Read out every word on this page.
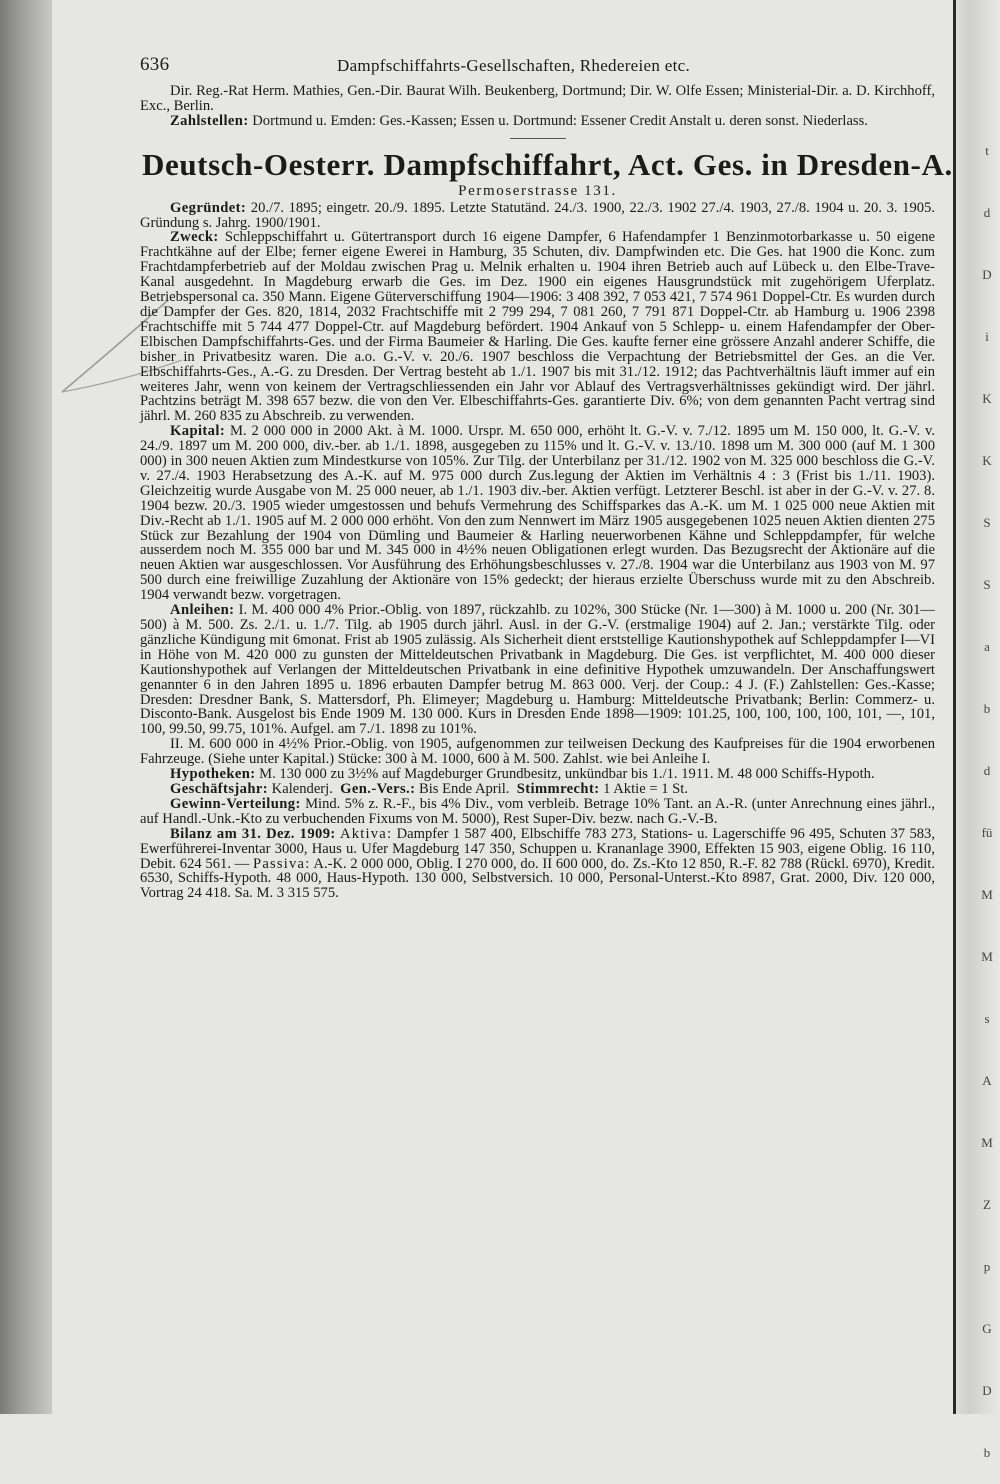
t
d
D
i
K
K
S
S
a
b
d
fü
M
M
s
A
M
Z
p
G
D
b
636	Dampfschiffahrts-Gesellschaften, Rhedereien etc.

Dir. Reg.-Rat Herm. Mathies, Gen.-Dir. Baurat Wilh. Beukenberg, Dortmund; Dir. W. Olfe Essen; Ministerial-Dir. a. D. Kirchhoff, Exc., Berlin.

Zahlstellen: Dortmund u. Emden: Ges.-Kassen; Essen u. Dortmund: Essener Credit Anstalt u. deren sonst. Niederlass.

Deutsch-Oesterr. Dampfschiffahrt, Act. Ges. in Dresden-A.
Permoserstrasse 131.

Gegründet: 20./7. 1895; eingetr. 20./9. 1895. Letzte Statutänd. 24./3. 1900, 22./3. 1902 27./4. 1903, 27./8. 1904 u. 20. 3. 1905. Gründung s. Jahrg. 1900/1901.

Zweck: Schleppschiffahrt u. Gütertransport durch 16 eigene Dampfer, 6 Hafendampfer 1 Benzinmotorbarkasse u. 50 eigene Frachtkähne auf der Elbe; ferner eigene Ewerei in Hamburg, 35 Schuten, div. Dampfwinden etc. Die Ges. hat 1900 die Konc. zum Frachtdampferbetrieb auf der Moldau zwischen Prag u. Melnik erhalten u. 1904 ihren Betrieb auch auf Lübeck u. den Elbe-Trave-Kanal ausgedehnt. In Magdeburg erwarb die Ges. im Dez. 1900 ein eigenes Hausgrundstück mit zugehörigem Uferplatz. Betriebspersonal ca. 350 Mann. Eigene Güterverschiffung 1904—1906: 3 408 392, 7 053 421, 7 574 961 Doppel-Ctr. Es wurden durch die Dampfer der Ges. 820, 1814, 2032 Frachtschiffe mit 2 799 294, 7 081 260, 7 791 871 Doppel-Ctr. ab Hamburg u. 1906 2398 Frachtschiffe mit 5 744 477 Doppel-Ctr. auf Magdeburg befördert. 1904 Ankauf von 5 Schlepp- u. einem Hafendampfer der Ober-Elbischen Dampfschiffahrts-Ges. und der Firma Baumeier & Harling. Die Ges. kaufte ferner eine grössere Anzahl anderer Schiffe, die bisher in Privatbesitz waren. Die a.o. G.-V. v. 20./6. 1907 beschloss die Verpachtung der Betriebsmittel der Ges. an die Ver. Elbschiffahrts-Ges., A.-G. zu Dresden. Der Vertrag besteht ab 1./1. 1907 bis mit 31./12. 1912; das Pachtverhältnis läuft immer auf ein weiteres Jahr, wenn von keinem der Vertragschliessenden ein Jahr vor Ablauf des Vertragsverhältnisses gekündigt wird. Der jährl. Pachtzins beträgt M. 398 657 bezw. die von den Ver. Elbeschiffahrts-Ges. garantierte Div. 6%; von dem genannten Pacht vertrag sind jährl. M. 260 835 zu Abschreib. zu verwenden.

Kapital: M. 2 000 000 in 2000 Akt. à M. 1000. Urspr. M. 650 000, erhöht lt. G.-V. v. 7./12. 1895 um M. 150 000, lt. G.-V. v. 24./9. 1897 um M. 200 000, div.-ber. ab 1./1. 1898, ausgegeben zu 115% und lt. G.-V. v. 13./10. 1898 um M. 300 000 (auf M. 1 300 000) in 300 neuen Aktien zum Mindestkurse von 105%. Zur Tilg. der Unterbilanz per 31./12. 1902 von M. 325 000 beschloss die G.-V. v. 27./4. 1903 Herabsetzung des A.-K. auf M. 975 000 durch Zus.legung der Aktien im Verhältnis 4 : 3 (Frist bis 1./11. 1903). Gleichzeitig wurde Ausgabe von M. 25 000 neuer, ab 1./1. 1903 div.-ber. Aktien verfügt. Letzterer Beschl. ist aber in der G.-V. v. 27. 8. 1904 bezw. 20./3. 1905 wieder umgestossen und behufs Vermehrung des Schiffsparkes das A.-K. um M. 1 025 000 neue Aktien mit Div.-Recht ab 1./1. 1905 auf M. 2 000 000 erhöht. Von den zum Nennwert im März 1905 ausgegebenen 1025 neuen Aktien dienten 275 Stück zur Bezahlung der 1904 von Dümling und Baumeier & Harling neuerworbenen Kähne und Schleppdampfer, für welche ausserdem noch M. 355 000 bar und M. 345 000 in 4½% neuen Obligationen erlegt wurden. Das Bezugsrecht der Aktionäre auf die neuen Aktien war ausgeschlossen. Vor Ausführung des Erhöhungsbeschlusses v. 27./8. 1904 war die Unterbilanz aus 1903 von M. 97 500 durch eine freiwillige Zuzahlung der Aktionäre von 15% gedeckt; der hieraus erzielte Überschuss wurde mit zu den Abschreib. 1904 verwandt bezw. vorgetragen.

Anleihen: I. M. 400 000 4% Prior.-Oblig. von 1897, rückzahlb. zu 102%, 300 Stücke (Nr. 1—300) à M. 1000 u. 200 (Nr. 301—500) à M. 500. Zs. 2./1. u. 1./7. Tilg. ab 1905 durch jährl. Ausl. in der G.-V. (erstmalige 1904) auf 2. Jan.; verstärkte Tilg. oder gänzliche Kündigung mit 6monat. Frist ab 1905 zulässig. Als Sicherheit dient erststellige Kautionshypothek auf Schleppdampfer I—VI in Höhe von M. 420 000 zu gunsten der Mitteldeutschen Privatbank in Magdeburg. Die Ges. ist verpflichtet, M. 400 000 dieser Kautionshypothek auf Verlangen der Mitteldeutschen Privatbank in eine definitive Hypothek umzuwandeln. Der Anschaffungswert genannter 6 in den Jahren 1895 u. 1896 erbauten Dampfer betrug M. 863 000. Verj. der Coup.: 4 J. (F.) Zahlstellen: Ges.-Kasse; Dresden: Dresdner Bank, S. Mattersdorf, Ph. Elimeyer; Magdeburg u. Hamburg: Mitteldeutsche Privatbank; Berlin: Commerz- u. Disconto-Bank. Ausgelost bis Ende 1909 M. 130 000. Kurs in Dresden Ende 1898—1909: 101.25, 100, 100, 100, 100, 101, —, 101, 100, 99.50, 99.75, 101%. Aufgel. am 7./1. 1898 zu 101%.

II. M. 600 000 in 4½% Prior.-Oblig. von 1905, aufgenommen zur teilweisen Deckung des Kaufpreises für die 1904 erworbenen Fahrzeuge. (Siehe unter Kapital.) Stücke: 300 à M. 1000, 600 à M. 500. Zahlst. wie bei Anleihe I.

Hypotheken: M. 130 000 zu 3½% auf Magdeburger Grundbesitz, unkündbar bis 1./1. 1911. M. 48 000 Schiffs-Hypoth.

Geschäftsjahr: Kalenderj. Gen.-Vers.: Bis Ende April. Stimmrecht: 1 Aktie = 1 St.

Gewinn-Verteilung: Mind. 5% z. R.-F., bis 4% Div., vom verbleib. Betrage 10% Tant. an A.-R. (unter Anrechnung eines jährl., auf Handl.-Unk.-Kto zu verbuchenden Fixums von M. 5000), Rest Super-Div. bezw. nach G.-V.-B.

Bilanz am 31. Dez. 1909: Aktiva: Dampfer 1 587 400, Elbschiffe 783 273, Stations- u. Lagerschiffe 96 495, Schuten 37 583, Ewerführerei-Inventar 3000, Haus u. Ufer Magdeburg 147 350, Schuppen u. Krananlage 3900, Effekten 15 903, eigene Oblig. 16 110, Debit. 624 561. — Passiva: A.-K. 2 000 000, Oblig. I 270 000, do. II 600 000, do. Zs.-Kto 12 850, R.-F. 82 788 (Rückl. 6970), Kredit. 6530, Schiffs-Hypoth. 48 000, Haus-Hypoth. 130 000, Selbstversich. 10 000, Personal-Unterst.-Kto 8987, Grat. 2000, Div. 120 000, Vortrag 24 418. Sa. M. 3 315 575.
